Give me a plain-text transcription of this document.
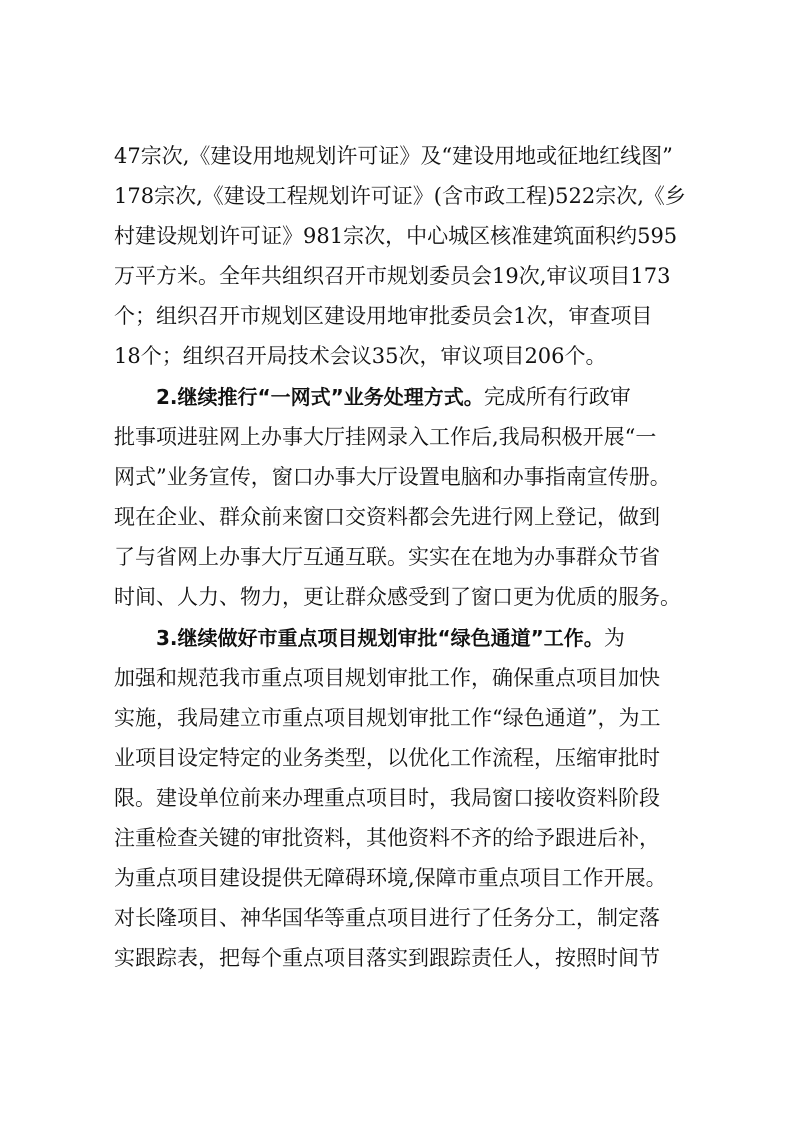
47宗次,《建设用地规划许可证》及“建设用地或征地红线图”
178宗次,《建设工程规划许可证》(含市政工程)522宗次,《乡
村建设规划许可证》981宗次，中心城区核准建筑面积约595
万平方米。全年共组织召开市规划委员会19次,审议项目173
个；组织召开市规划区建设用地审批委员会1次，审查项目
18个；组织召开局技术会议35次，审议项目206个。
2.继续推行“一网式”业务处理方式。完成所有行政审
批事项进驻网上办事大厅挂网录入工作后,我局积极开展“一
网式”业务宣传，窗口办事大厅设置电脑和办事指南宣传册。
现在企业、群众前来窗口交资料都会先进行网上登记，做到
了与省网上办事大厅互通互联。实实在在地为办事群众节省
时间、人力、物力，更让群众感受到了窗口更为优质的服务。
3.继续做好市重点项目规划审批“绿色通道”工作。为
加强和规范我市重点项目规划审批工作，确保重点项目加快
实施，我局建立市重点项目规划审批工作“绿色通道”，为工
业项目设定特定的业务类型，以优化工作流程，压缩审批时
限。建设单位前来办理重点项目时，我局窗口接收资料阶段
注重检查关键的审批资料，其他资料不齐的给予跟进后补，
为重点项目建设提供无障碍环境,保障市重点项目工作开展。
对长隆项目、神华国华等重点项目进行了任务分工，制定落
实跟踪表，把每个重点项目落实到跟踪责任人，按照时间节
